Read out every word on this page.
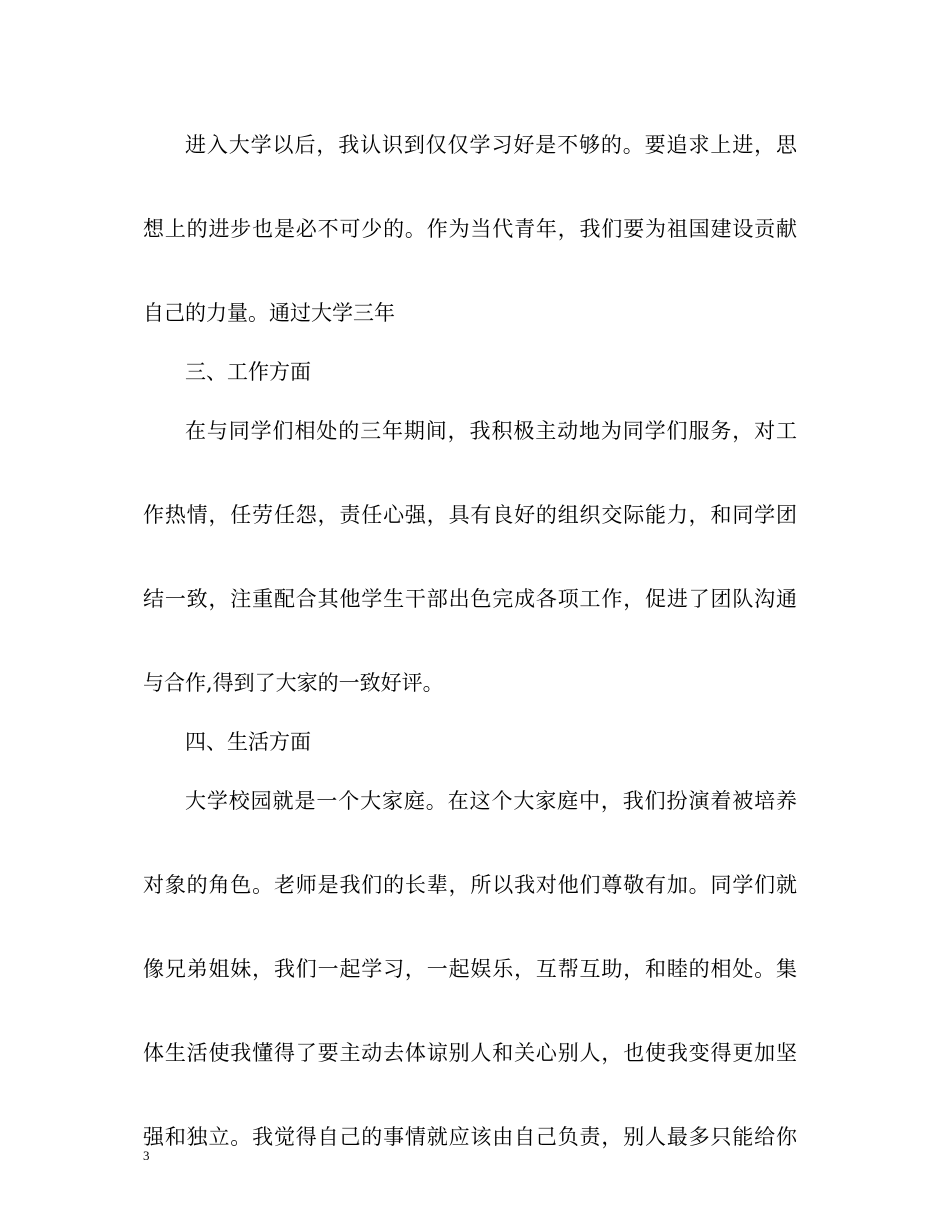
进入大学以后，我认识到仅仅学习好是不够的。要追求上进，思
想上的进步也是必不可少的。作为当代青年，我们要为祖国建设贡献
自己的力量。通过大学三年
三、工作方面
在与同学们相处的三年期间，我积极主动地为同学们服务，对工
作热情，任劳任怨，责任心强，具有良好的组织交际能力，和同学团
结一致，注重配合其他学生干部出色完成各项工作，促进了团队沟通
与合作,得到了大家的一致好评。
四、生活方面
大学校园就是一个大家庭。在这个大家庭中，我们扮演着被培养
对象的角色。老师是我们的长辈，所以我对他们尊敬有加。同学们就
像兄弟姐妹，我们一起学习，一起娱乐，互帮互助，和睦的相处。集
体生活使我懂得了要主动去体谅别人和关心别人，也使我变得更加坚
强和独立。我觉得自己的事情就应该由自己负责，别人最多只能给你
3
